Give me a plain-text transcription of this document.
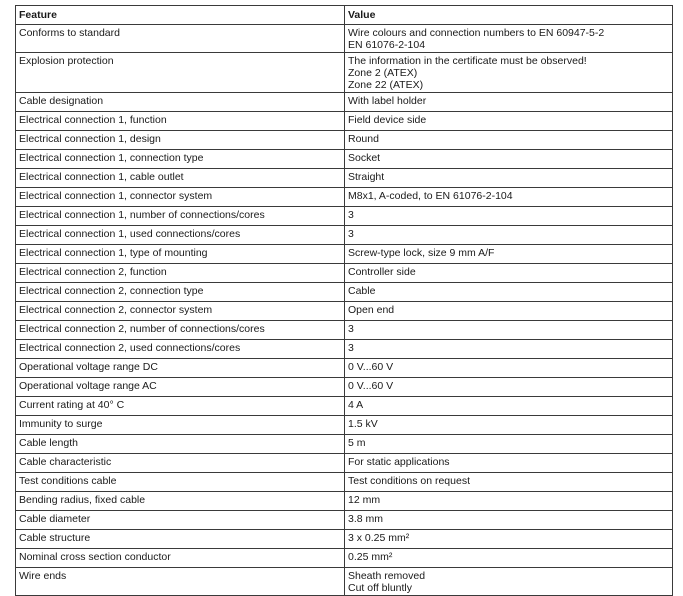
Feature	Value
Conforms to standard	Wire colours and connection numbers to EN 60947-5-2
EN 61076-2-104

Explosion protection	The information in the certificate must be observed!
Zone 2 (ATEX)
Zone 22 (ATEX)

Cable designation	With label holder

Electrical connection 1, function	Field device side

Electrical connection 1, design	Round

Electrical connection 1, connection type	Socket

Electrical connection 1, cable outlet	Straight

Electrical connection 1, connector system	M8x1, A-coded, to EN 61076-2-104

Electrical connection 1, number of connections/cores	3

Electrical connection 1, used connections/cores	3

Electrical connection 1, type of mounting	Screw-type lock, size 9 mm A/F

Electrical connection 2, function	Controller side

Electrical connection 2, connection type	Cable

Electrical connection 2, connector system	Open end

Electrical connection 2, number of connections/cores	3

Electrical connection 2, used connections/cores	3

Operational voltage range DC	0 V...60 V

Operational voltage range AC	0 V...60 V

Current rating at 40° C	4 A

Immunity to surge	1.5 kV

Cable length	5 m

Cable characteristic	For static applications

Test conditions cable	Test conditions on request

Bending radius, fixed cable	12 mm

Cable diameter	3.8 mm

Cable structure	3 x 0.25 mm²

Nominal cross section conductor	0.25 mm²

Wire ends	Sheath removed
Cut off bluntly
